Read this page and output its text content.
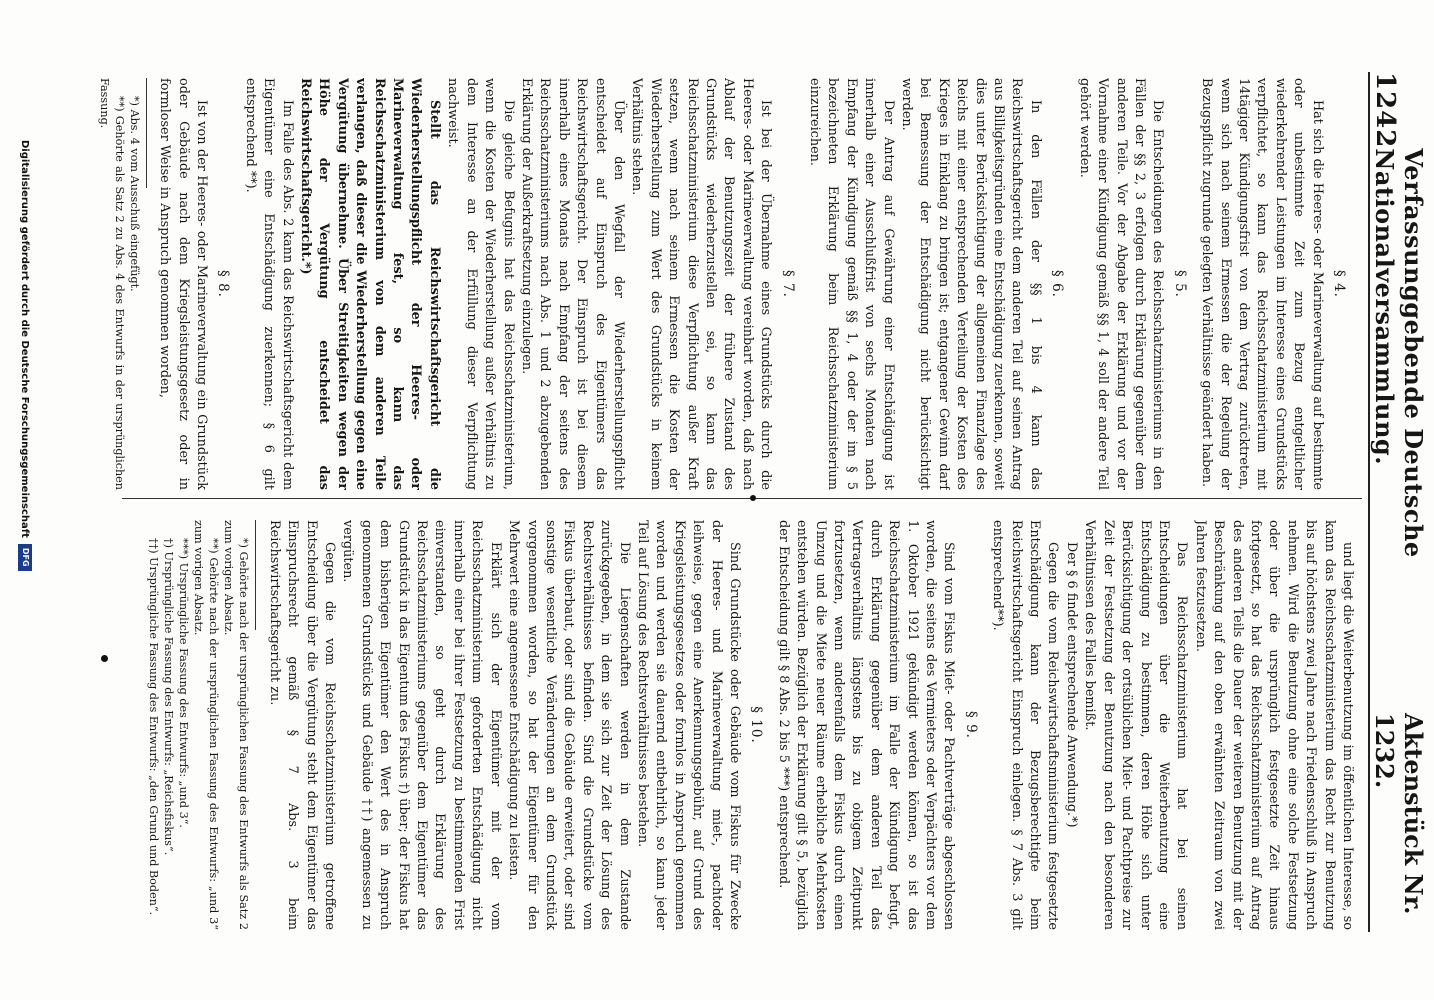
1242
Verfassunggebende Deutsche Nationalversammlung.
Aktenstück Nr. 1232.
§ 4.

Hat sich die Heeres- oder Marineverwaltung auf bestimmte oder unbestimmte Zeit zum Bezug entgeltlicher wiederkehrender Leistungen im Interesse eines Grundstücks verpflichtet, so kann das Reichsschatzministerium mit 14tägiger Kündigungsfrist von dem Vertrag zurücktreten, wenn sich nach seinem Ermessen die der Regelung der Bezugspflicht zugrunde gelegten Verhältnisse geändert haben.

§ 5.

Die Entscheidungen des Reichsschatzministeriums in den Fällen der §§ 2, 3 erfolgen durch Erklärung gegenüber dem anderen Teile. Vor der Abgabe der Erklärung und vor der Vornahme einer Kündigung gemäß §§ 1, 4 soll der andere Teil gehört werden.

§ 6.

In den Fällen der §§ 1 bis 4 kann das Reichswirtschaftsgericht dem anderen Teil auf seinen Antrag aus Billigkeitsgründen eine Entschädigung zuerkennen, soweit dies unter Berücksichtigung der allgemeinen Finanzlage des Reichs mit einer entsprechenden Verteilung der Kosten des Krieges in Einklang zu bringen ist; entgangener Gewinn darf bei Bemessung der Entschädigung nicht berücksichtigt werden.

Der Antrag auf Gewährung einer Entschädigung ist innerhalb einer Ausschlußfrist von sechs Monaten nach Empfang der Kündigung gemäß §§ 1, 4 oder der im § 5 bezeichneten Erklärung beim Reichsschatzministerium einzureichen.

§ 7.

Ist bei der Übernahme eines Grundstücks durch die Heeres- oder Marineverwaltung vereinbart worden, daß nach Ablauf der Benutzungszeit der frühere Zustand des Grundstücks wiederherzustellen sei, so kann das Reichsschatzministerium diese Verpflichtung außer Kraft setzen, wenn nach seinem Ermessen die Kosten der Wiederherstellung zum Wert des Grundstücks in keinem Verhältnis stehen.

Über den Wegfall der Wiederherstellungspflicht entscheidet auf Einspruch des Eigentümers das Reichswirtschaftsgericht. Der Einspruch ist bei diesem innerhalb eines Monats nach Empfang der seitens des Reichsschatzministeriums nach Abs. 1 und 2 abzugebenden Erklärung der Außerkraftsetzung einzulegen.

Die gleiche Befugnis hat das Reichsschatzministerium, wenn die Kosten der Wiederherstellung außer Verhältnis zu dem Interesse an der Erfüllung dieser Verpflichtung nachweist.

Stellt das Reichswirtschaftsgericht die Wiederherstellungspflicht der Heeres- oder Marineverwaltung fest, so kann das Reichsschatzministerium von dem anderen Teile verlangen, daß dieser die Wiederherstellung gegen eine Vergütung übernehme. Über Streitigkeiten wegen der Höhe der Vergütung entscheidet das Reichswirtschaftsgericht.*)

Im Falle des Abs. 2 kann das Reichswirtschaftsgericht dem Eigentümer eine Entschädigung zuerkennen; § 6 gilt entsprechend **).

§ 8.

Ist von der Heeres- oder Marineverwaltung ein Grundstück oder Gebäude nach dem Kriegsleistungsgesetz oder in formloser Weise in Anspruch genommen worden,

*) Abs. 4 vom Ausschuß eingefügt.

**) Gehörte als Satz 2 zu Abs. 4 des Entwurfs in der ursprünglichen Fassung.

und liegt die Weiterbenutzung im öffentlichen Interesse, so kann das Reichsschatzministerium das Recht zur Benutzung bis auf höchstens zwei Jahre nach Friedensschluß in Anspruch nehmen. Wird die Benutzung ohne eine solche Festsetzung oder über die ursprünglich festgesetzte Zeit hinaus fortgesetzt, so hat das Reichsschatzministerium auf Antrag des anderen Teils die Dauer der weiteren Benutzung mit der Beschränkung auf den oben erwähnten Zeitraum von zwei Jahren festzusetzen.

Das Reichsschatzministerium hat bei seinen Entscheidungen über die Weiterbenutzung eine Entschädigung zu bestimmen, deren Höhe sich unter Berücksichtigung der ortsüblichen Miet- und Pachtpreise zur Zeit der Festsetzung der Benutzung nach den besonderen Verhältnissen des Falles bemißt.

Der § 6 findet entsprechende Anwendung.*)

Gegen die vom Reichswirtschaftsministerium festgesetzte Entschädigung kann der Bezugsberechtigte beim Reichswirtschaftsgericht Einspruch einlegen. § 7 Abs. 3 gilt entsprechend**).

§ 9.

Sind vom Fiskus Miet- oder Pachtverträge abgeschlossen worden, die seitens des Vermieters oder Verpächters vor dem 1. Oktober 1921 gekündigt werden können, so ist das Reichsschatzministerium im Falle der Kündigung befugt, durch Erklärung gegenüber dem anderen Teil das Vertragsverhältnis längstens bis zu obigem Zeitpunkt fortzusetzen, wenn anderenfalls dem Fiskus durch einen Umzug und die Miete neuer Räume erhebliche Mehrkosten entstehen würden. Bezüglich der Erklärung gilt § 5, bezüglich der Entscheidung gilt § 8 Abs. 2 bis 5 ***) entsprechend.

§ 10.

Sind Grundstücke oder Gebäude vom Fiskus für Zwecke der Heeres- und Marineverwaltung miet-, pachtoder leihweise, gegen eine Anerkennungsgebühr, auf Grund des Kriegsleistungsgesetzes oder formlos in Anspruch genommen worden und werden sie dauernd entbehrlich, so kann jeder Teil auf Lösung des Rechtsverhältnisses bestehen.

Die Liegenschaften werden in dem Zustande zurückgegeben, in dem sie sich zur Zeit der Lösung des Rechtsverhältnisses befinden. Sind die Grundstücke vom Fiskus überbaut, oder sind die Gebäude erweitert, oder sind sonstige wesentliche Veränderungen an dem Grundstück vorgenommen worden, so hat der Eigentümer für den Mehrwert eine angemessene Entschädigung zu leisten.

Erklärt sich der Eigentümer mit der vom Reichsschatzministerium geforderten Entschädigung nicht innerhalb einer bei ihrer Festsetzung zu bestimmenden Frist einverstanden, so geht durch Erklärung des Reichsschatzministeriums gegenüber dem Eigentümer das Grundstück in das Eigentum des Fiskus †) über; der Fiskus hat dem bisherigen Eigentümer den Wert des in Anspruch genommenen Grundstücks und Gebäude ††) angemessen zu vergüten.

Gegen die vom Reichsschatzministerium getroffene Entscheidung über die Vergütung steht dem Eigentümer das Einspruchsrecht gemäß § 7 Abs. 3 beim Reichswirtschaftsgericht zu.

*) Gehörte nach der ursprünglichen Fassung des Entwurfs als Satz 2 zum vorigen Absatz.

**) Gehörte nach der ursprünglichen Fassung des Entwurfs: „und 3“ zum vorigen Absatz.

***) Ursprüngliche Fassung des Entwurfs: „und 3“.

†) Ursprüngliche Fassung des Entwurfs: „Reichsfiskus“.

††) Ursprüngliche Fassung des Entwurfs: „den Grund und Boden“.

Digitalisierung gefördert durch die Deutsche Forschungsgemeinschaft
DFG
